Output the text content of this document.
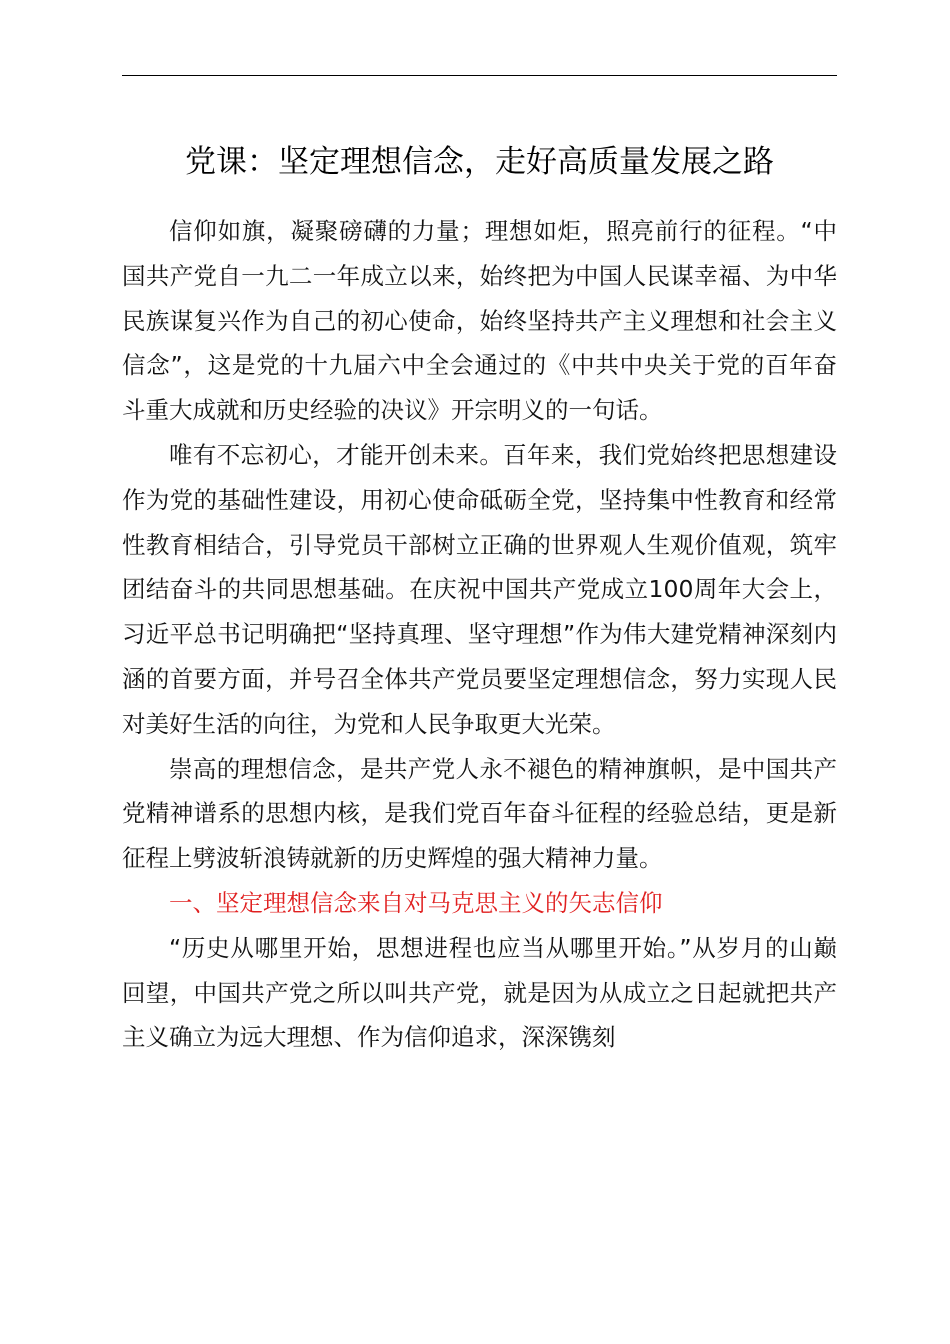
党课：坚定理想信念，走好高质量发展之路

信仰如旗，凝聚磅礴的力量；理想如炬，照亮前行的征程。“中国共产党自一九二一年成立以来，始终把为中国人民谋幸福、为中华民族谋复兴作为自己的初心使命，始终坚持共产主义理想和社会主义信念”，这是党的十九届六中全会通过的《中共中央关于党的百年奋斗重大成就和历史经验的决议》开宗明义的一句话。

唯有不忘初心，才能开创未来。百年来，我们党始终把思想建设作为党的基础性建设，用初心使命砥砺全党，坚持集中性教育和经常性教育相结合，引导党员干部树立正确的世界观人生观价值观，筑牢团结奋斗的共同思想基础。在庆祝中国共产党成立100周年大会上，习近平总书记明确把“坚持真理、坚守理想”作为伟大建党精神深刻内涵的首要方面，并号召全体共产党员要坚定理想信念，努力实现人民对美好生活的向往，为党和人民争取更大光荣。

崇高的理想信念，是共产党人永不褪色的精神旗帜，是中国共产党精神谱系的思想内核，是我们党百年奋斗征程的经验总结，更是新征程上劈波斩浪铸就新的历史辉煌的强大精神力量。

一、坚定理想信念来自对马克思主义的矢志信仰

“历史从哪里开始，思想进程也应当从哪里开始。”从岁月的山巅回望，中国共产党之所以叫共产党，就是因为从成立之日起就把共产主义确立为远大理想、作为信仰追求，深深镌刻
